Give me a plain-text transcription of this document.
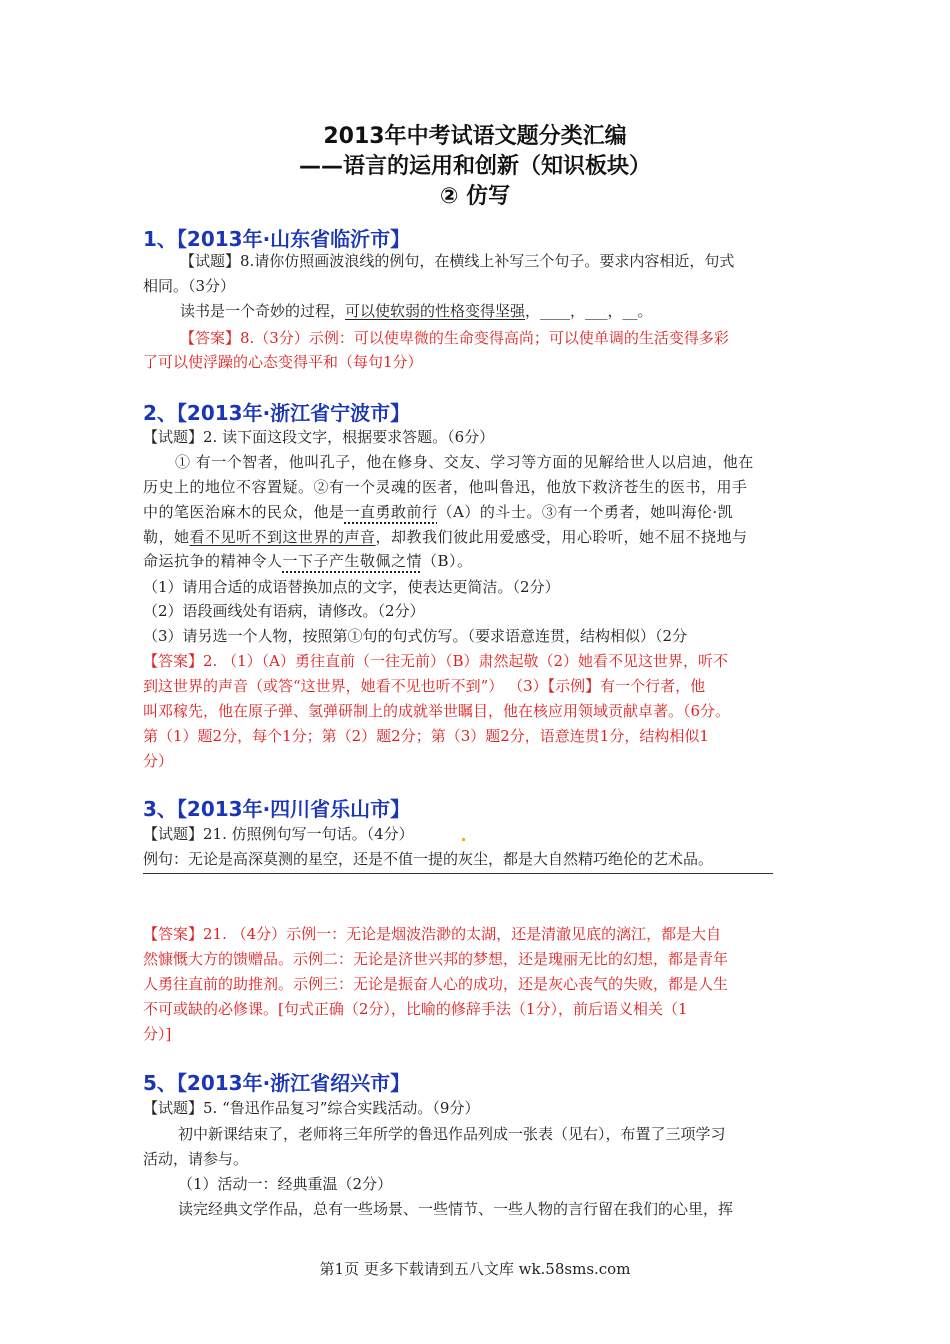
2013年中考试语文题分类汇编
——语言的运用和创新（知识板块）
② 仿写
1、【2013年·山东省临沂市】
【试题】8.请你仿照画波浪线的例句，在横线上补写三个句子。要求内容相近，句式
相同。（3分）
读书是一个奇妙的过程，可以使软弱的性格变得坚强，____，___，__。
【答案】8.（3分）示例：可以使卑微的生命变得高尚；可以使单调的生活变得多彩
了可以使浮躁的心态变得平和（每句1分）
2、【2013年·浙江省宁波市】
【试题】2. 读下面这段文字，根据要求答题。（6分）
① 有一个智者，他叫孔子，他在修身、交友、学习等方面的见解给世人以启迪，他在
历史上的地位不容置疑。②有一个灵魂的医者，他叫鲁迅，他放下救济苍生的医书，用手
中的笔医治麻木的民众，他是一直勇敢前行（A）的斗士。③有一个勇者，她叫海伦·凯
勒，她看不见听不到这世界的声音，却教我们彼此用爱感受，用心聆听，她不屈不挠地与
命运抗争的精神令人一下子产生敬佩之情（B）。
（1）请用合适的成语替换加点的文字，使表达更简洁。（2分）
（2）语段画线处有语病，请修改。（2分）
（3）请另选一个人物，按照第①句的句式仿写。（要求语意连贯，结构相似）（2分
【答案】2. （1）（A）勇往直前（一往无前）（B）肃然起敬（2）她看不见这世界，听不
到这世界的声音（或答“这世界，她看不见也听不到”） （3）【示例】有一个行者，他
叫邓稼先，他在原子弹、氢弹研制上的成就举世瞩目，他在核应用领域贡献卓著。（6分。
第（1）题2分，每个1分；第（2）题2分；第（3）题2分，语意连贯1分，结构相似1
分）
3、【2013年·四川省乐山市】
【试题】21. 仿照例句写一句话。（4分）
例句：无论是高深莫测的星空，还是不值一提的灰尘，都是大自然精巧绝伦的艺术品。
【答案】21. （4分）示例一：无论是烟波浩渺的太湖，还是清澈见底的漓江，都是大自
然慷慨大方的馈赠品。示例二：无论是济世兴邦的梦想，还是瑰丽无比的幻想，都是青年
人勇往直前的助推剂。示例三：无论是振奋人心的成功，还是灰心丧气的失败，都是人生
不可或缺的必修课。[句式正确（2分），比喻的修辞手法（1分），前后语义相关（1
分）]
5、【2013年·浙江省绍兴市】
【试题】5. “鲁迅作品复习”综合实践活动。（9分）
初中新课结束了，老师将三年所学的鲁迅作品列成一张表（见右），布置了三项学习
活动，请参与。
（1）活动一：经典重温（2分）
读完经典文学作品，总有一些场景、一些情节、一些人物的言行留在我们的心里，挥
第1页 更多下载请到五八文库 wk.58sms.com
